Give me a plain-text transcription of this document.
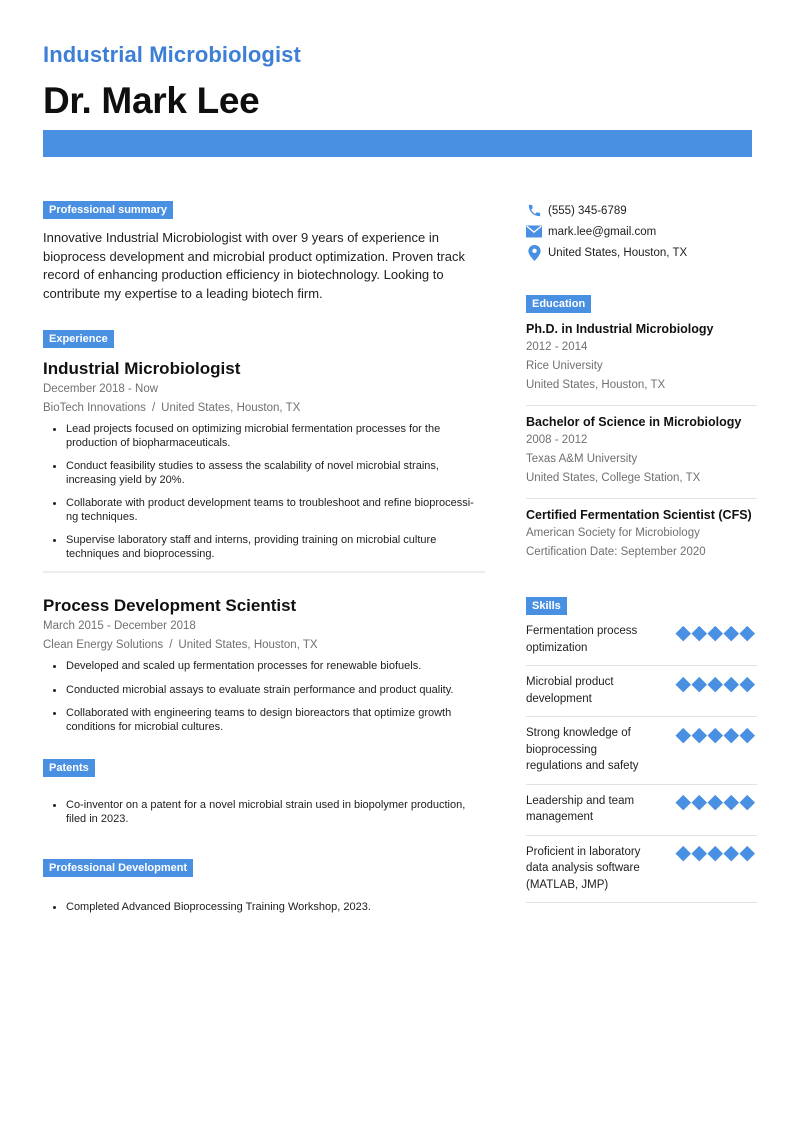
Industrial Microbiologist
Dr. Mark Lee
Professional summary

Innovative Industrial Microbiologist with over 9 years of experience in bioprocess development and microbial product optimization. Proven track record of enhancing production efficiency in biotechnology. Looking to contribute my expertise to a leading biotech firm.

Experience
Industrial Microbiologist
December 2018 - Now
BioTech Innovations / United States, Houston, TX
Lead projects focused on optimizing microbial fermentation processes for the production of biopharmaceuticals.
Conduct feasibility studies to assess the scalability of novel microbial strains, increasing yield by 20%.
Collaborate with product development teams to troubleshoot and refine bioprocessi-ng techniques.
Supervise laboratory staff and interns, providing training on microbial culture techniques and bioprocessing.
Process Development Scientist
March 2015 - December 2018
Clean Energy Solutions / United States, Houston, TX
Developed and scaled up fermentation processes for renewable biofuels.
Conducted microbial assays to evaluate strain performance and product quality.
Collaborated with engineering teams to design bioreactors that optimize growth conditions for microbial cultures.
Patents
Co-inventor on a patent for a novel microbial strain used in biopolymer production, filed in 2023.
Professional Development
Completed Advanced Bioprocessing Training Workshop, 2023.
(555) 345-6789
mark.lee@gmail.com
United States, Houston, TX
Education
Ph.D. in Industrial Microbiology
2012 - 2014
Rice University
United States, Houston, TX
Bachelor of Science in Microbiology
2008 - 2012
Texas A&M University
United States, College Station, TX
Certified Fermentation Scientist (CFS)
American Society for Microbiology
Certification Date: September 2020
Skills
Fermentation process optimization
Microbial product development
Strong knowledge of bioprocessing regulations and safety
Leadership and team management
Proficient in laboratory data analysis software (MATLAB, JMP)
